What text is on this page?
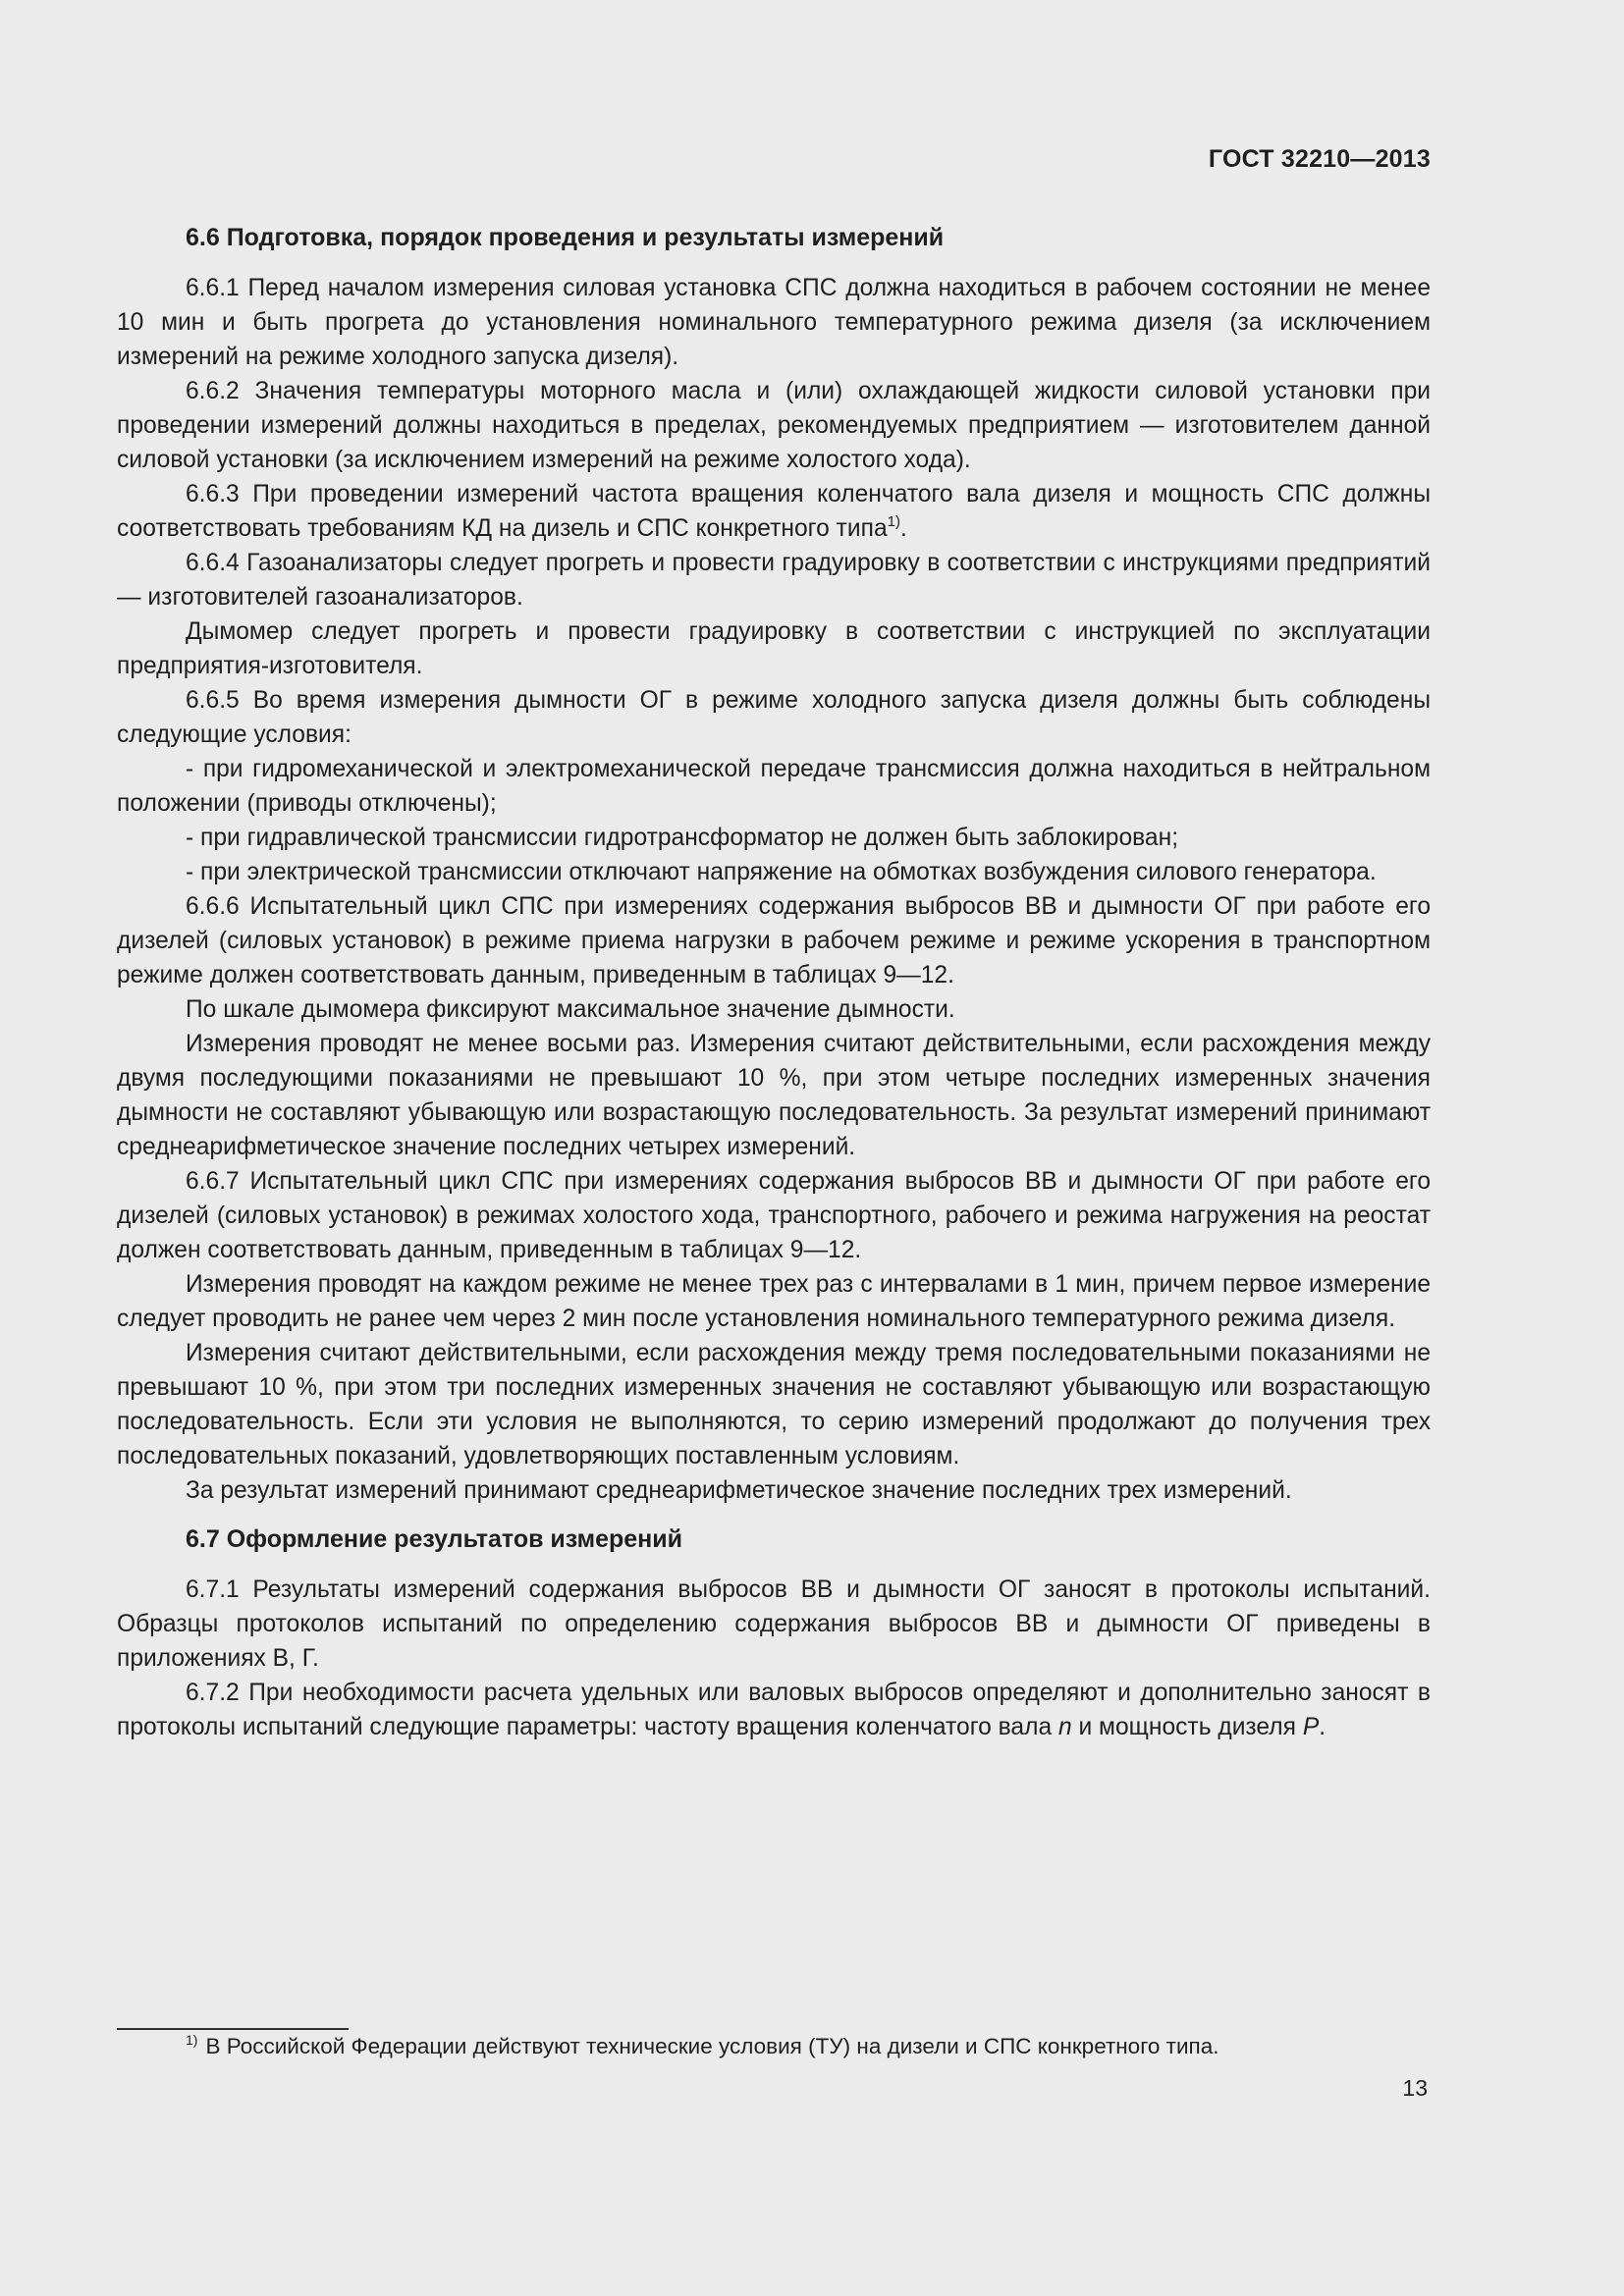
ГОСТ 32210—2013
6.6 Подготовка, порядок проведения и результаты измерений

6.6.1 Перед началом измерения силовая установка СПС должна находиться в рабочем состоянии не менее 10 мин и быть прогрета до установления номинального температурного режима дизеля (за исключением измерений на режиме холодного запуска дизеля).

6.6.2 Значения температуры моторного масла и (или) охлаждающей жидкости силовой установки при проведении измерений должны находиться в пределах, рекомендуемых предприятием — изготовителем данной силовой установки (за исключением измерений на режиме холостого хода).

6.6.3 При проведении измерений частота вращения коленчатого вала дизеля и мощность СПС должны соответствовать требованиям КД на дизель и СПС конкретного типа$^{1)}$.

6.6.4 Газоанализаторы следует прогреть и провести градуировку в соответствии с инструкциями предприятий — изготовителей газоанализаторов.

Дымомер следует прогреть и провести градуировку в соответствии с инструкцией по эксплуатации предприятия-изготовителя.

6.6.5 Во время измерения дымности ОГ в режиме холодного запуска дизеля должны быть соблюдены следующие условия:

- при гидромеханической и электромеханической передаче трансмиссия должна находиться в нейтральном положении (приводы отключены);

- при гидравлической трансмиссии гидротрансформатор не должен быть заблокирован;

- при электрической трансмиссии отключают напряжение на обмотках возбуждения силового генератора.

6.6.6 Испытательный цикл СПС при измерениях содержания выбросов ВВ и дымности ОГ при работе его дизелей (силовых установок) в режиме приема нагрузки в рабочем режиме и режиме ускорения в транспортном режиме должен соответствовать данным, приведенным в таблицах 9—12.

По шкале дымомера фиксируют максимальное значение дымности.

Измерения проводят не менее восьми раз. Измерения считают действительными, если расхождения между двумя последующими показаниями не превышают 10 %, при этом четыре последних измеренных значения дымности не составляют убывающую или возрастающую последовательность. За результат измерений принимают среднеарифметическое значение последних четырех измерений.

6.6.7 Испытательный цикл СПС при измерениях содержания выбросов ВВ и дымности ОГ при работе его дизелей (силовых установок) в режимах холостого хода, транспортного, рабочего и режима нагружения на реостат должен соответствовать данным, приведенным в таблицах 9—12.

Измерения проводят на каждом режиме не менее трех раз с интервалами в 1 мин, причем первое измерение следует проводить не ранее чем через 2 мин после установления номинального температурного режима дизеля.

Измерения считают действительными, если расхождения между тремя последовательными показаниями не превышают 10 %, при этом три последних измеренных значения не составляют убывающую или возрастающую последовательность. Если эти условия не выполняются, то серию измерений продолжают до получения трех последовательных показаний, удовлетворяющих поставленным условиям.

За результат измерений принимают среднеарифметическое значение последних трех измерений.

6.7 Оформление результатов измерений

6.7.1 Результаты измерений содержания выбросов ВВ и дымности ОГ заносят в протоколы испытаний. Образцы протоколов испытаний по определению содержания выбросов ВВ и дымности ОГ приведены в приложениях В, Г.

6.7.2 При необходимости расчета удельных или валовых выбросов определяют и дополнительно заносят в протоколы испытаний следующие параметры: частоту вращения коленчатого вала n и мощность дизеля P.

$^{1)}$ В Российской Федерации действуют технические условия (ТУ) на дизели и СПС конкретного типа.
13
